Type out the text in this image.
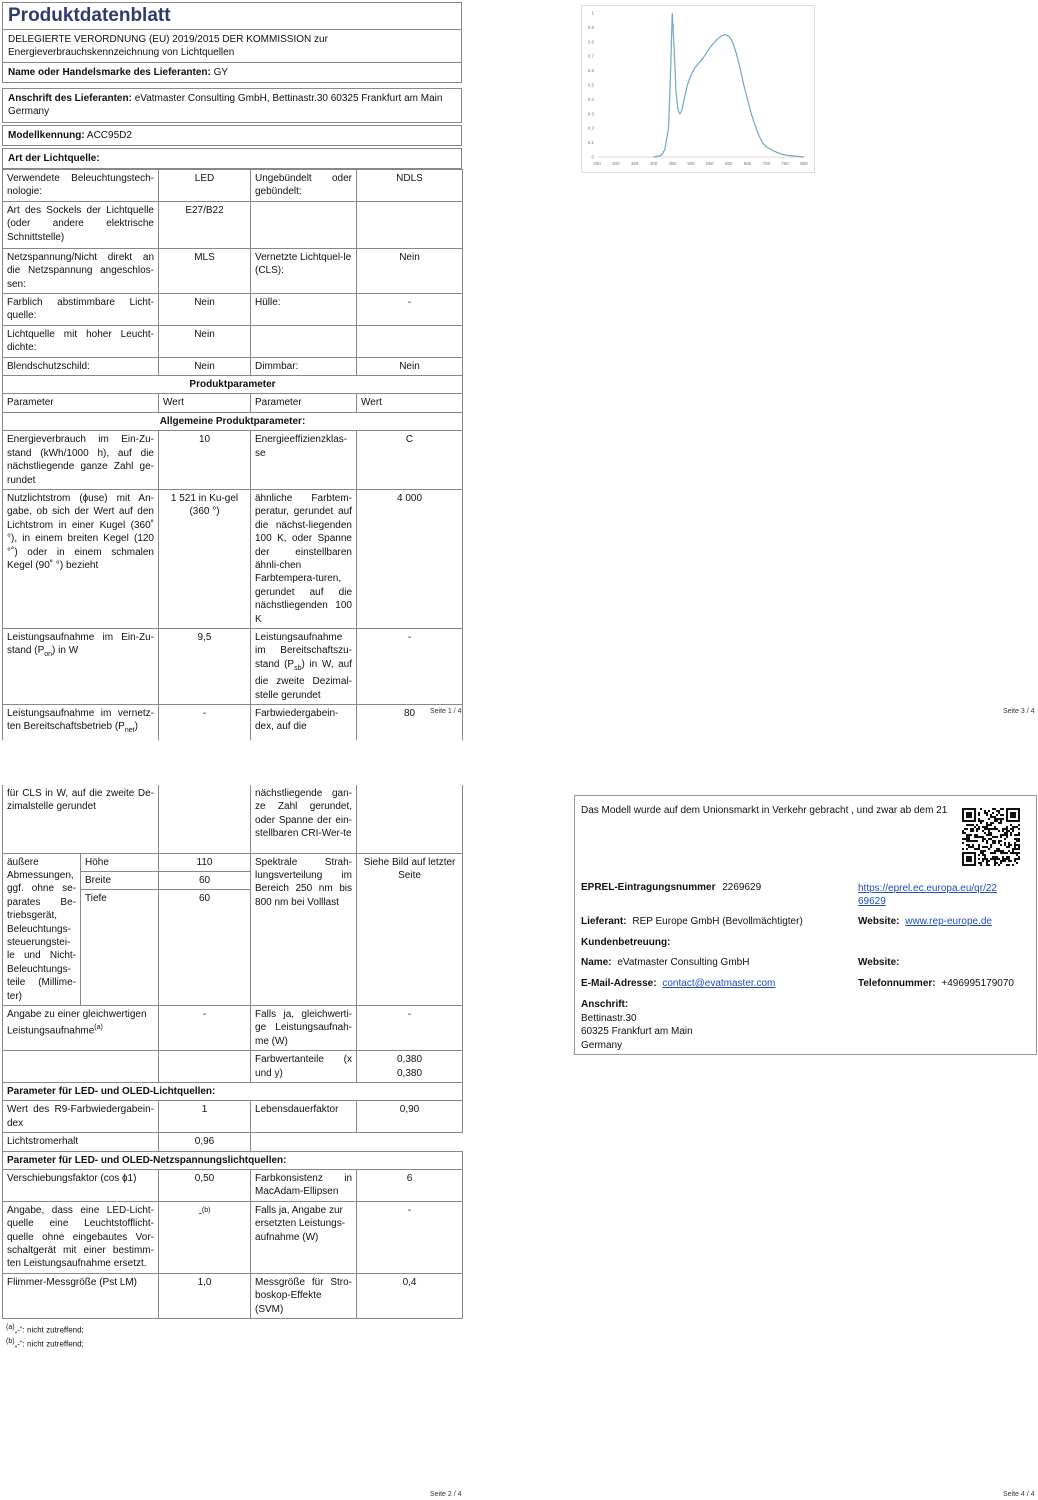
Produktdatenblatt
DELEGIERTE VERORDNUNG (EU) 2019/2015 DER KOMMISSION zur
Energieverbrauchskennzeichnung von Lichtquellen
Name oder Handelsmarke des Lieferanten: GY
Anschrift des Lieferanten: eVatmaster Consulting GmbH, Bettinastr.30 60325 Frankfurt am Main Germany
Modellkennung: ACC95D2
Art der Lichtquelle:
Verwendete Beleuchtungstech-nologie:	LED	Ungebündelt oder gebündelt:	NDLS
Art des Sockels der Lichtquelle (oder andere elektrische Schnittstelle)	E27/B22		
Netzspannung/Nicht direkt an die Netzspannung angeschlos-sen:	MLS	Vernetzte Lichtquel-le (CLS):	Nein
Farblich abstimmbare Licht-quelle:	Nein	Hülle:	-
Lichtquelle mit hoher Leucht-dichte:	Nein		
Blendschutzschild:	Nein	Dimmbar:	Nein
Produktparameter			
Parameter	Wert	Parameter	Wert
Allgemeine Produktparameter:			
Energieverbrauch im Ein-Zu-stand (kWh/1000 h), auf die nächstliegende ganze Zahl ge-rundet	10	Energieeffizienzklas-se	C
Nutzlichtstrom (ɸuse) mit An-gabe, ob sich der Wert auf den Lichtstrom in einer Kugel (360˚ °), in einem breiten Kegel (120 °˚) oder in einem schmalen Kegel (90˚ °) bezieht	1 521 in Ku-gel (360 °)	ähnliche Farbtem-peratur, gerundet auf die nächst-liegenden 100 K, oder Spanne der einstellbaren ähnli-chen Farbtempera-turen, gerundet auf die nächstliegenden 100 K	4 000
Leistungsaufnahme im Ein-Zu-stand $(P_{on})$ in W	9,5	Leistungsaufnahme im Bereitschaftszu-stand $(P_{sb})$ in W, auf die zweite Dezimal-stelle gerundet	-
Leistungsaufnahme im vernetz-ten Bereitschaftsbetrieb $(P_{net})$	-	Farbwiedergabein-dex, auf die	80 Seite 1 / 4
0
0.1
0.2
0.3
0.4
0.5
0.6
0.7
0.8
0.9
1
250	300	350	400	450	500	550	600	650	700	750	800
Seite 3 / 4
für CLS in W, auf die zweite De-zimalstelle gerundet			nächstliegende gan-ze Zahl gerundet, oder Spanne der ein-stellbaren CRI-Wer-te	
äußere Abmessungen, ggf. ohne se-parates Be-triebsgerät, Beleuchtungs-steuerungstei-le und Nicht-Beleuchtungs-teile (Millime-ter)	Höhe	110	Spektrale Strah-lungsverteilung im Bereich 250 nm bis 800 nm bei Volllast	Siehe Bild auf letzter Seite
	Breite	60		
	Tiefe	60		
Angabe zu einer gleichwertigen Leistungsaufnahme$^{(a)}$		-	Falls ja, gleichwerti-ge Leistungsaufnah-me (W)	-
			Farbwertanteile (x und y)	0,380
0,380

Parameter für LED- und OLED-Lichtquellen:				
Wert des R9-Farbwiedergabein-dex		1	Lebensdauerfaktor	0,90
Lichtstromerhalt		0,96		
Parameter für LED- und OLED-Netzspannungslichtquellen:				
Verschiebungsfaktor (cos ɸ1)		0,50	Farbkonsistenz in MacAdam-Ellipsen	6
Angabe, dass eine LED-Licht-quelle eine Leuchtstofflicht-quelle ohne eingebautes Vor-schaltgerät mit einer bestimm-ten Leistungsaufnahme ersetzt.		-$^{(b)}$	Falls ja, Angabe zur ersetzten Leistungs-aufnahme (W)	-
Flimmer-Messgröße (Pst LM)		1,0	Messgröße für Stro-boskop-Effekte (SVM)	0,4
(a)„-“: nicht zutreffend;
(b)„-“: nicht zutreffend;
Seite 2 / 4
Das Modell wurde auf dem Unionsmarkt in Verkehr gebracht , und zwar ab dem 21
EPREL-Eintragungsnummer 2269629	https://eprel.ec.europa.eu/qr/22
69629
Lieferant: REP Europe GmbH (Bevollmächtigter)	Website: www.rep-europe.de
Kundenbetreuung:
Name: eVatmaster Consulting GmbH	Website:
E-Mail-Adresse: contact@evatmaster.com	Telefonnummer: +496995179070
Anschrift:
Bettinastr.30
60325 Frankfurt am Main
Germany
Seite 4 / 4
